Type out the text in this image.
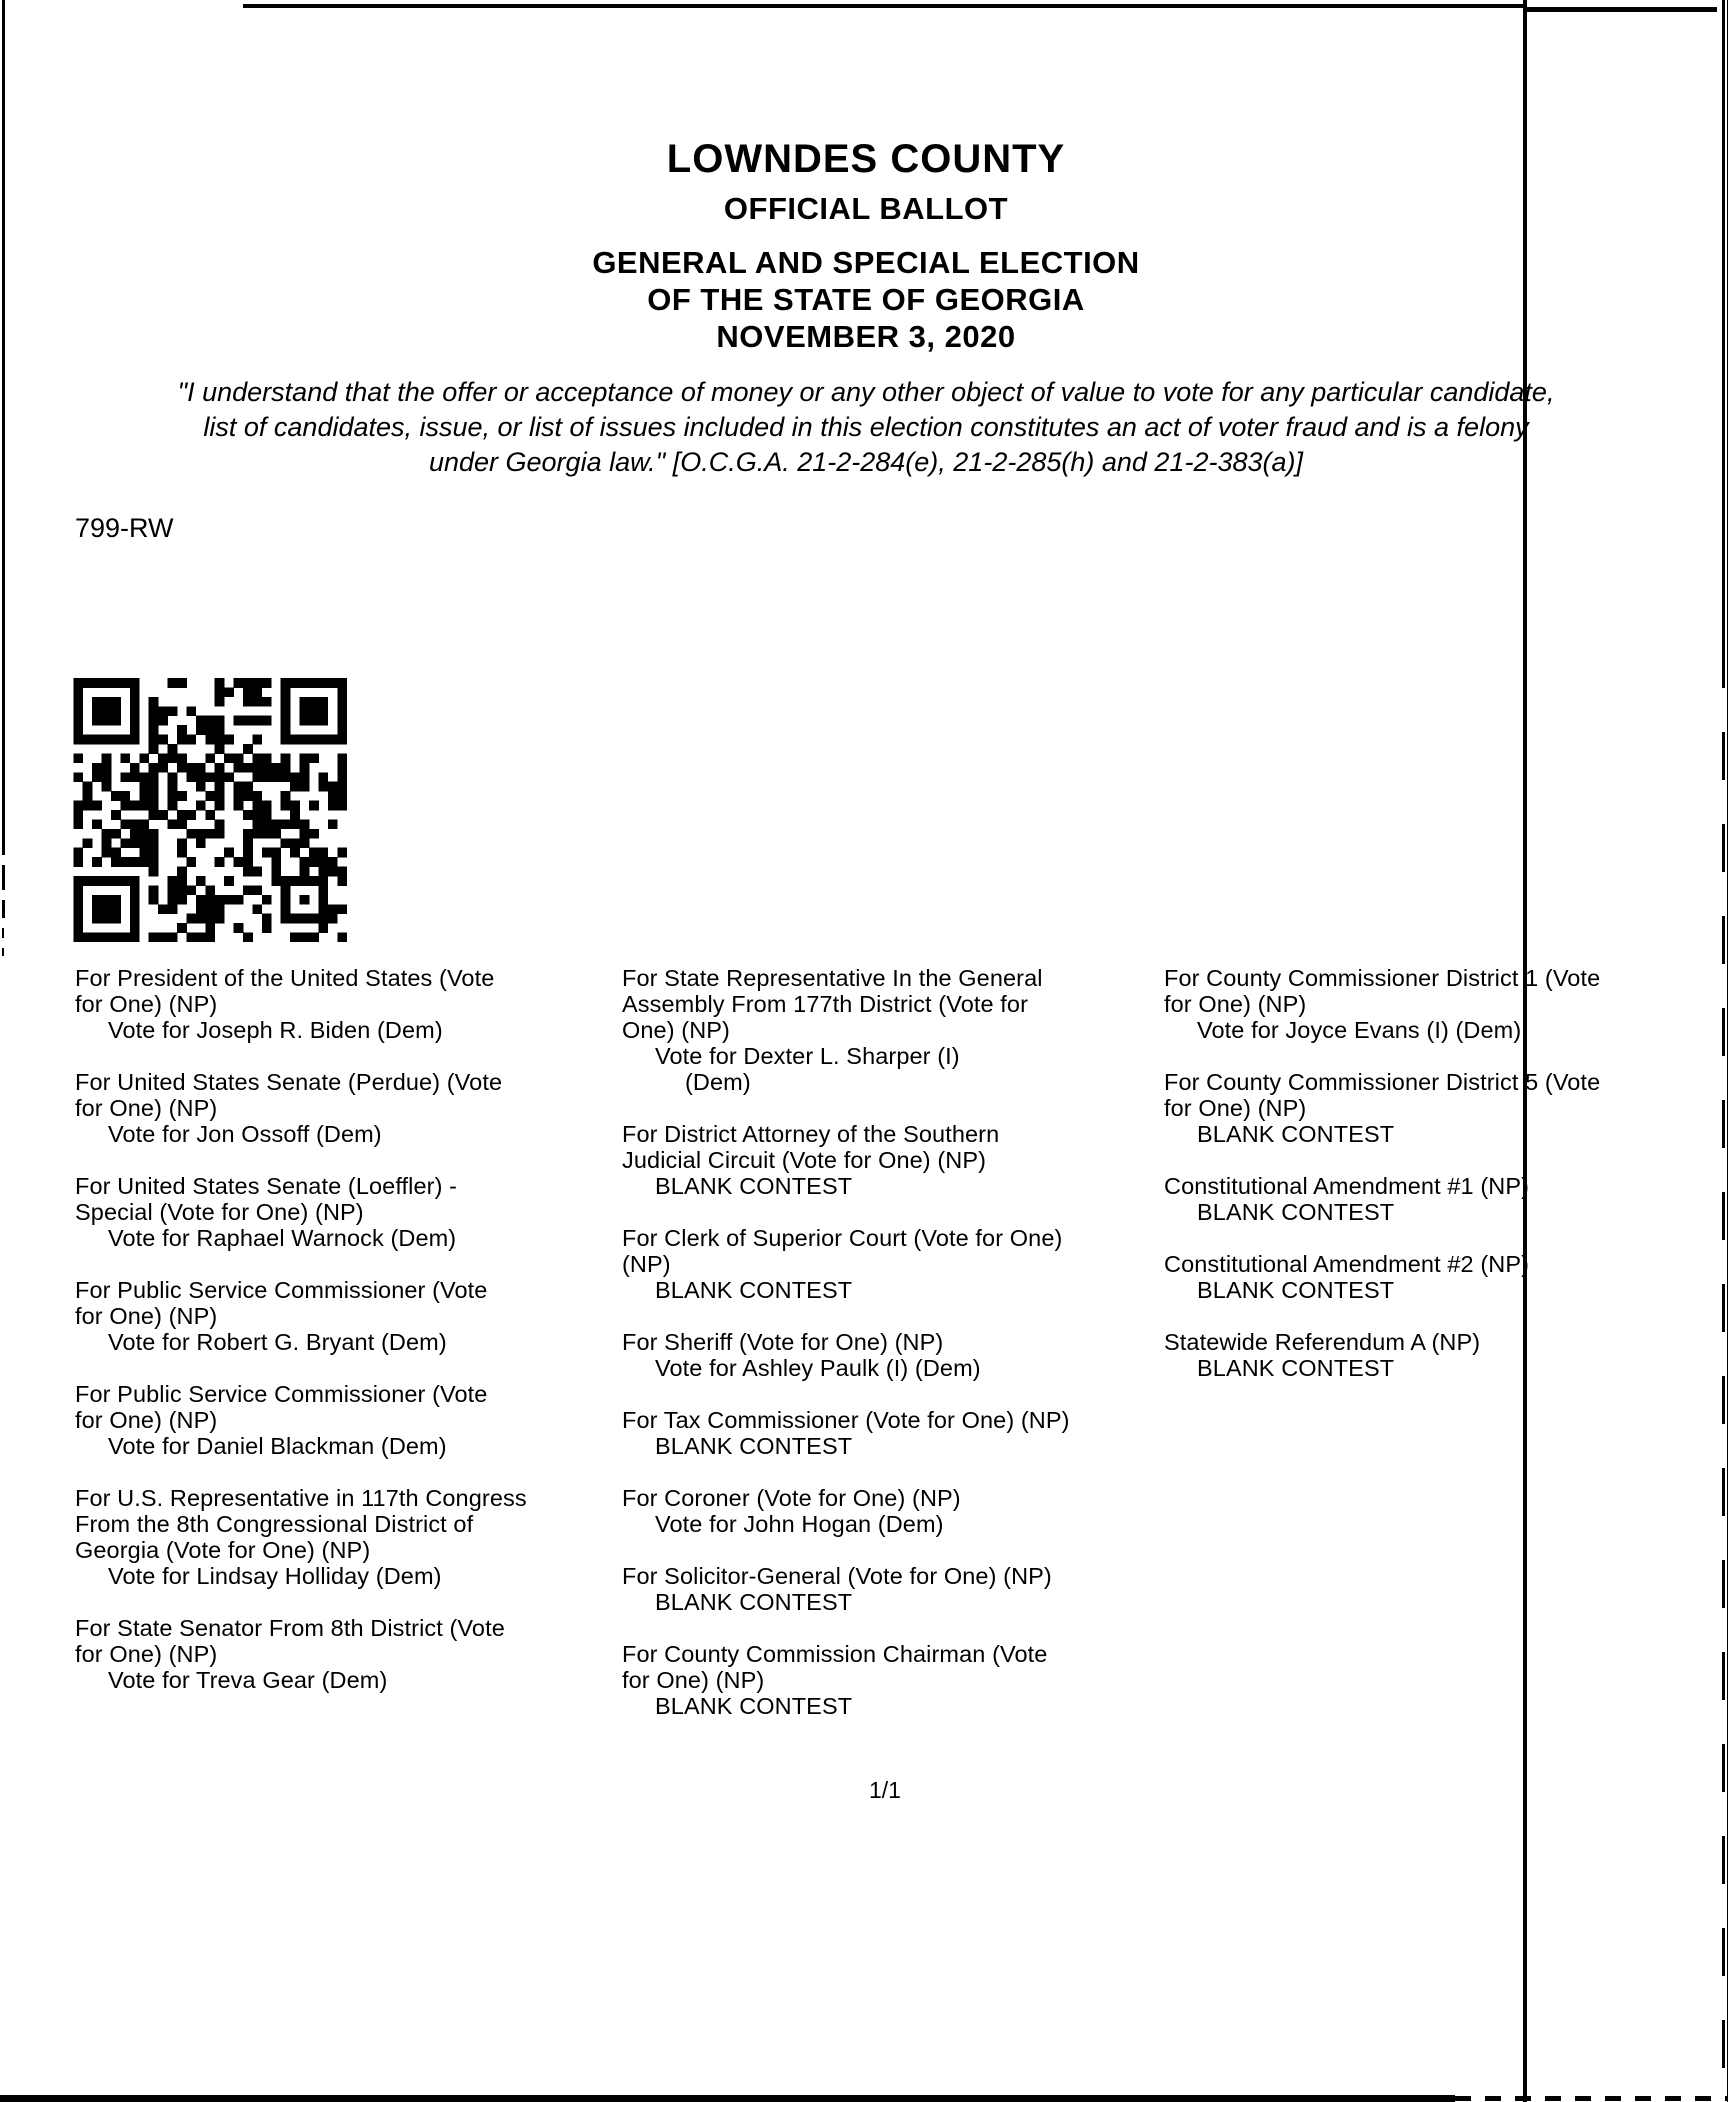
LOWNDES COUNTY
OFFICIAL BALLOT
GENERAL AND SPECIAL ELECTION
OF THE STATE OF GEORGIA
NOVEMBER 3, 2020
"I understand that the offer or acceptance of money or any other object of value to vote for any particular candidate,
list of candidates, issue, or list of issues included in this election constitutes an act of voter fraud and is a felony
under Georgia law." [O.C.G.A. 21-2-284(e), 21-2-285(h) and 21-2-383(a)]
799-RW
For President of the United States (Vote
for One) (NP)
Vote for Joseph R. Biden (Dem)
For United States Senate (Perdue) (Vote
for One) (NP)
Vote for Jon Ossoff (Dem)
For United States Senate (Loeffler) -
Special (Vote for One) (NP)
Vote for Raphael Warnock (Dem)
For Public Service Commissioner (Vote
for One) (NP)
Vote for Robert G. Bryant (Dem)
For Public Service Commissioner (Vote
for One) (NP)
Vote for Daniel Blackman (Dem)
For U.S. Representative in 117th Congress
From the 8th Congressional District of
Georgia (Vote for One) (NP)
Vote for Lindsay Holliday (Dem)
For State Senator From 8th District (Vote
for One) (NP)
Vote for Treva Gear (Dem)
For State Representative In the General
Assembly From 177th District (Vote for
One) (NP)
Vote for Dexter L. Sharper (I)
(Dem)
For District Attorney of the Southern
Judicial Circuit (Vote for One) (NP)
BLANK CONTEST
For Clerk of Superior Court (Vote for One)
(NP)
BLANK CONTEST
For Sheriff (Vote for One) (NP)
Vote for Ashley Paulk (I) (Dem)
For Tax Commissioner (Vote for One) (NP)
BLANK CONTEST
For Coroner (Vote for One) (NP)
Vote for John Hogan (Dem)
For Solicitor-General (Vote for One) (NP)
BLANK CONTEST
For County Commission Chairman (Vote
for One) (NP)
BLANK CONTEST
For County Commissioner District 1 (Vote
for One) (NP)
Vote for Joyce Evans (I) (Dem)
For County Commissioner District 5 (Vote
for One) (NP)
BLANK CONTEST
Constitutional Amendment #1 (NP)
BLANK CONTEST
Constitutional Amendment #2 (NP)
BLANK CONTEST
Statewide Referendum A (NP)
BLANK CONTEST
1/1
